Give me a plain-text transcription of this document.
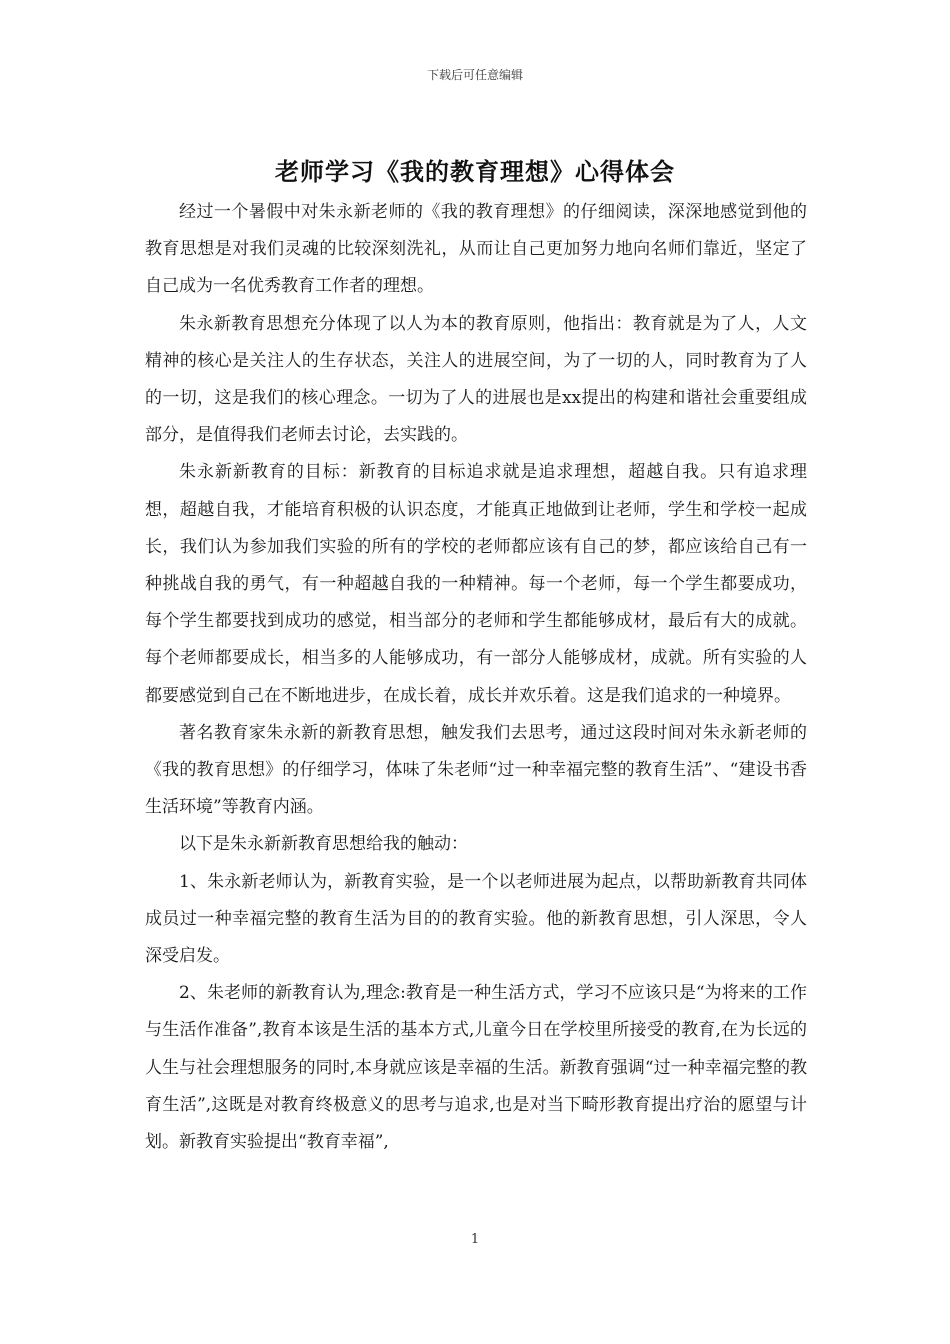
下载后可任意编辑
老师学习《我的教育理想》心得体会

经过一个暑假中对朱永新老师的《我的教育理想》的仔细阅读，深深地感觉到他的教育思想是对我们灵魂的比较深刻洗礼，从而让自己更加努力地向名师们靠近，坚定了自己成为一名优秀教育工作者的理想。

朱永新教育思想充分体现了以人为本的教育原则，他指出：教育就是为了人，人文精神的核心是关注人的生存状态，关注人的进展空间，为了一切的人，同时教育为了人的一切，这是我们的核心理念。一切为了人的进展也是xx提出的构建和谐社会重要组成部分，是值得我们老师去讨论，去实践的。

朱永新新教育的目标：新教育的目标追求就是追求理想，超越自我。只有追求理想，超越自我，才能培育积极的认识态度，才能真正地做到让老师，学生和学校一起成长，我们认为参加我们实验的所有的学校的老师都应该有自己的梦，都应该给自己有一种挑战自我的勇气，有一种超越自我的一种精神。每一个老师，每一个学生都要成功，每个学生都要找到成功的感觉，相当部分的老师和学生都能够成材，最后有大的成就。每个老师都要成长，相当多的人能够成功，有一部分人能够成材，成就。所有实验的人都要感觉到自己在不断地进步，在成长着，成长并欢乐着。这是我们追求的一种境界。

著名教育家朱永新的新教育思想，触发我们去思考，通过这段时间对朱永新老师的《我的教育思想》的仔细学习，体味了朱老师“过一种幸福完整的教育生活”、“建设书香生活环境”等教育内涵。

以下是朱永新新教育思想给我的触动：

1、朱永新老师认为，新教育实验，是一个以老师进展为起点，以帮助新教育共同体成员过一种幸福完整的教育生活为目的的教育实验。他的新教育思想，引人深思，令人深受启发。

2、朱老师的新教育认为,理念:教育是一种生活方式，学习不应该只是“为将来的工作与生活作准备”,教育本该是生活的基本方式,儿童今日在学校里所接受的教育,在为长远的人生与社会理想服务的同时,本身就应该是幸福的生活。新教育强调“过一种幸福完整的教育生活”,这既是对教育终极意义的思考与追求,也是对当下畸形教育提出疗治的愿望与计划。新教育实验提出“教育幸福”,

1
